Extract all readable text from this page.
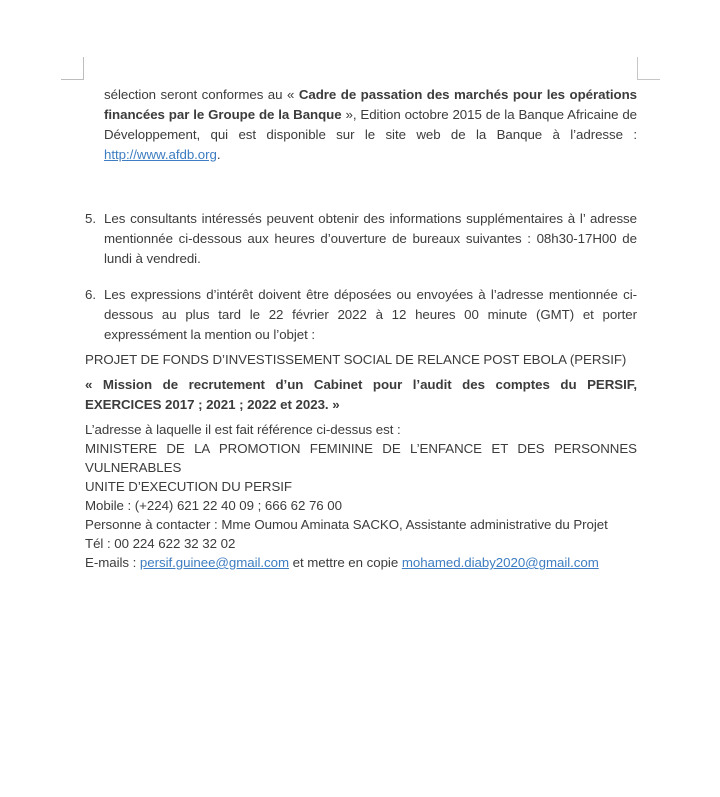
sélection seront conformes au « Cadre de passation des marchés pour les opérations financées par le Groupe de la Banque », Edition octobre 2015 de la Banque Africaine de Développement, qui est disponible sur le site web de la Banque à l’adresse : http://www.afdb.org.

5. Les consultants intéressés peuvent obtenir des informations supplémentaires à l’ adresse mentionnée ci-dessous aux heures d’ouverture de bureaux suivantes : 08h30-17H00 de lundi à vendredi.

6. Les expressions d’intérêt doivent être déposées ou envoyées à l’adresse mentionnée ci-dessous au plus tard le 22 février 2022 à 12 heures 00 minute (GMT) et porter expressément la mention ou l’objet :

PROJET DE FONDS D’INVESTISSEMENT SOCIAL DE RELANCE POST EBOLA (PERSIF)

« Mission de recrutement d’un Cabinet pour l’audit des comptes du PERSIF, EXERCICES 2017 ; 2021 ; 2022 et 2023. »

L’adresse à laquelle il est fait référence ci-dessus est :

MINISTERE DE LA PROMOTION FEMININE DE L’ENFANCE ET DES PERSONNES VULNERABLES

UNITE D’EXECUTION DU PERSIF

Mobile : (+224) 621 22 40 09 ; 666 62 76 00

Personne à contacter : Mme Oumou Aminata SACKO, Assistante administrative du Projet

Tél : 00 224 622 32 32 02

E-mails : persif.guinee@gmail.com et mettre en copie mohamed.diaby2020@gmail.com
